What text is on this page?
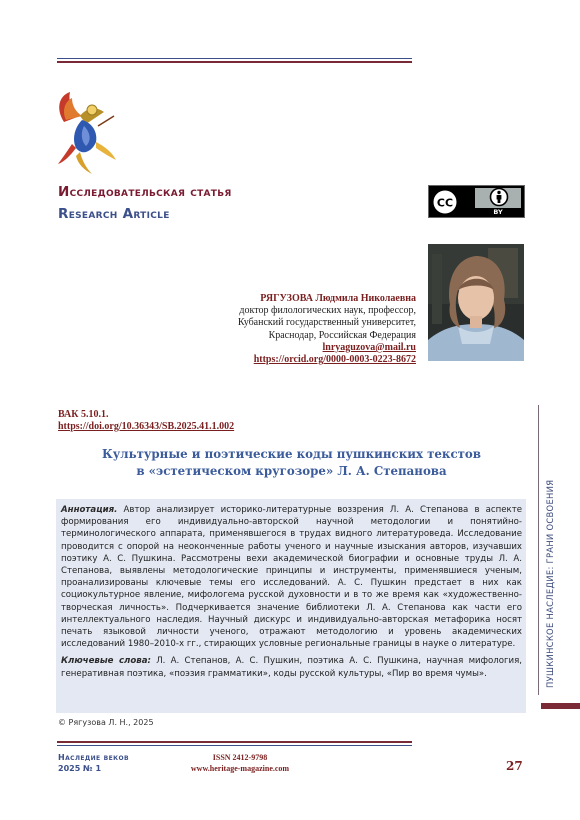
Исследовательская статья
Research Article
CC
BY
РЯГУЗОВА Людмила Николаевна
доктор филологических наук, профессор,
Кубанский государственный университет,
Краснодар, Российская Федерация
lnryaguzova@mail.ru
https://orcid.org/0000-0003-0223-8672
ВАК 5.10.1.
https://doi.org/10.36343/SB.2025.41.1.002
Культурные и поэтические коды пушкинских текстов
в «эстетическом кругозоре» Л. А. Степанова

Аннотация. Автор анализирует историко-литературные воззрения Л. А. Степанова в аспекте формирования его индивидуально-авторской научной методологии и понятийно-терминологического аппарата, применявшегося в трудах видного литературоведа. Исследование проводится с опорой на неоконченные работы ученого и научные изыскания авторов, изучавших поэтику А. С. Пушкина. Рассмотрены вехи академической биографии и основные труды Л. А. Степанова, выявлены методологические принципы и инструменты, применявшиеся ученым, проанализированы ключевые темы его исследований. А. С. Пушкин предстает в них как социокультурное явление, мифологема русской духовности и в то же время как «художественно-творческая личность». Подчеркивается значение библиотеки Л. А. Степанова как части его интеллектуального наследия. Научный дискурс и индивидуально-авторская метафорика носят печать языковой личности ученого, отражают методологию и уровень академических исследований 1980–2010-х гг., стирающих условные региональные границы в науке о литературе.

Ключевые слова: Л. А. Степанов, А. С. Пушкин, поэтика А. С. Пушкина, научная мифология, генеративная поэтика, «поэзия грамматики», коды русской культуры, «Пир во время чумы».

© Рягузова Л. Н., 2025
ПУШКИНСКОЕ НАСЛЕДИЕ: ГРАНИ ОСВОЕНИЯ
Наследие веков
2025 № 1
ISSN 2412-9798
www.heritage-magazine.com	27
